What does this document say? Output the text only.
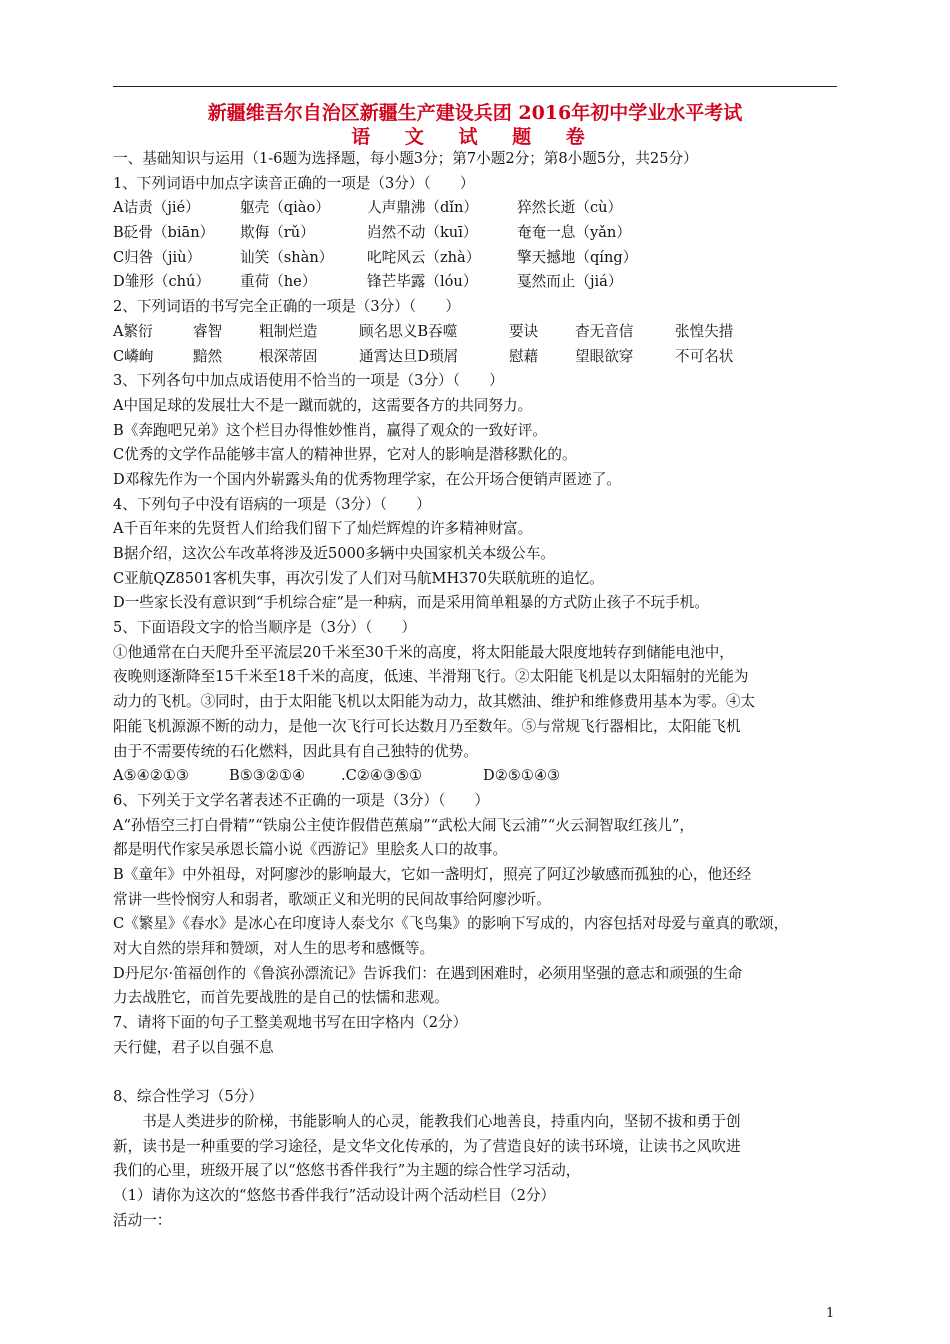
新疆维吾尔自治区新疆生产建设兵团 2016年初中学业水平考试
语 文 试 题 卷
一、基础知识与运用（1-6题为选择题，每小题3分；第7小题2分；第8小题5分，共25分）
1、下列词语中加点字读音正确的一项是（3分）（　　）
A诘责（jié）	躯壳（qiào）	人声鼎沸（dǐn）	猝然长逝（cù）
B砭骨（biān） 欺侮（rǔ）	岿然不动（kuī）	奄奄一息（yǎn）
C归咎（jiù）	讪笑（shàn） 叱咤风云（zhà）	擎天撼地（qíng）
D雏形（chú） 重荷（he）	锋芒毕露（lóu）	戛然而止（jiá）
2、下列词语的书写完全正确的一项是（3分）（　　）
A繁衍	睿智	粗制烂造	顾名思义B吞噬	要诀	杳无音信	张惶失措
C嶙峋	黯然	根深蒂固	通霄达旦D琐屑	慰藉	望眼欲穿	不可名状
3、下列各句中加点成语使用不恰当的一项是（3分）（　　）
A中国足球的发展壮大不是一蹴而就的，这需要各方的共同努力。
B《奔跑吧兄弟》这个栏目办得惟妙惟肖，赢得了观众的一致好评。
C优秀的文学作品能够丰富人的精神世界，它对人的影响是潜移默化的。
D邓稼先作为一个国内外崭露头角的优秀物理学家，在公开场合便销声匿迹了。
4、下列句子中没有语病的一项是（3分）（　　）
A千百年来的先贤哲人们给我们留下了灿烂辉煌的许多精神财富。
B据介绍，这次公车改革将涉及近5000多辆中央国家机关本级公车。
C亚航QZ8501客机失事，再次引发了人们对马航MH370失联航班的追忆。
D一些家长没有意识到“手机综合症”是一种病，而是采用简单粗暴的方式防止孩子不玩手机。
5、下面语段文字的恰当顺序是（3分）（　　）
①他通常在白天爬升至平流层20千米至30千米的高度，将太阳能最大限度地转存到储能电池中，
夜晚则逐渐降至15千米至18千米的高度，低速、半滑翔飞行。②太阳能飞机是以太阳辐射的光能为
动力的飞机。③同时，由于太阳能飞机以太阳能为动力，故其燃油、维护和维修费用基本为零。④太
阳能飞机源源不断的动力，是他一次飞行可长达数月乃至数年。⑤与常规飞行器相比，太阳能飞机
由于不需要传统的石化燃料，因此具有自己独特的优势。
A⑤④②①③	B⑤③②①④ .C②④③⑤①	D②⑤①④③
6、下列关于文学名著表述不正确的一项是（3分）（　　）
A“孙悟空三打白骨精”“铁扇公主使诈假借芭蕉扇”“武松大闹飞云浦”“火云洞智取红孩儿”，
都是明代作家吴承恩长篇小说《西游记》里脍炙人口的故事。
B《童年》中外祖母，对阿廖沙的影响最大，它如一盏明灯，照亮了阿辽沙敏感而孤独的心，他还经
常讲一些怜悯穷人和弱者，歌颂正义和光明的民间故事给阿廖沙听。
C《繁星》《春水》是冰心在印度诗人泰戈尔《飞鸟集》的影响下写成的，内容包括对母爱与童真的歌颂，
对大自然的崇拜和赞颂，对人生的思考和感慨等。
D丹尼尔·笛福创作的《鲁滨孙漂流记》告诉我们：在遇到困难时，必须用坚强的意志和顽强的生命
力去战胜它，而首先要战胜的是自己的怯懦和悲观。
7、请将下面的句子工整美观地书写在田字格内（2分）
天行健，君子以自强不息
8、综合性学习（5分）
书是人类进步的阶梯，书能影响人的心灵，能教我们心地善良，持重内向，坚韧不拔和勇于创
新，读书是一种重要的学习途径，是文华文化传承的，为了营造良好的读书环境，让读书之风吹进
我们的心里，班级开展了以“悠悠书香伴我行”为主题的综合性学习活动，
（1）请你为这次的“悠悠书香伴我行”活动设计两个活动栏目（2分）
活动一：
1
